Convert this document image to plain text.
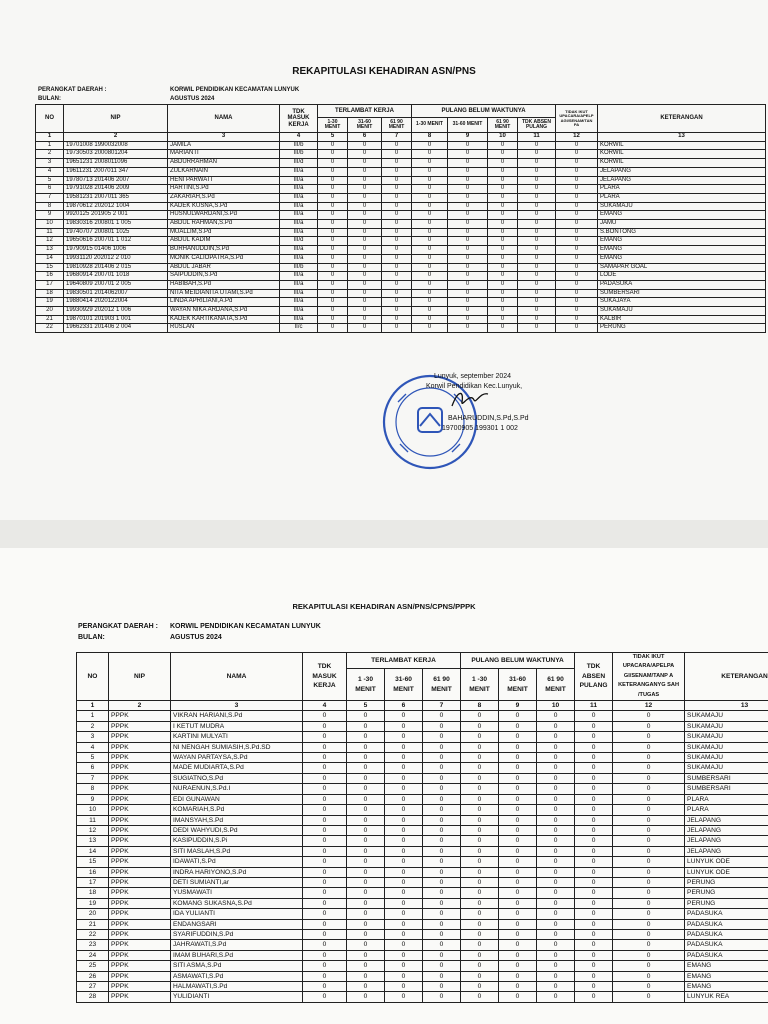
REKAPITULASI KEHADIRAN ASN/PNS
PERANGKAT DAERAH :	KORWIL PENDIDIKAN KECAMATAN LUNYUK
BULAN:	AGUSTUS 2024
NO	NIP	NAMA	TDK MASUK KERJA	TERLAMBAT KERJA			PULANG BELUM WAKTUNYA				TIDAK IKUT UPACARA/APELP AGI/SENAM/TAN PA	KETERANGAN
				1-30 MENIT	31-60 MENIT	61 90 MENIT	1-30 MENIT	31-60 MENIT	61 90 MENIT	TDK ABSEN PULANG		
1	2	3	4	5	6	7	8	9	10	11	12	13
1	19701008 1990032008	JAMILA	III/b	0	0	0	0	0	0	0	0	KORWIL
2	19730503 2000801204	MARIANTI	III/b	0	0	0	0	0	0	0	0	KORWIL
3	19651231 2008011096	ABDURRAHMAN	III/d	0	0	0	0	0	0	0	0	KORWIL
4	19611231 2007011 347	ZULKARNAIN	III/a	0	0	0	0	0	0	0	0	JELAPANG
5	19780713 201406 2007	HENI PARWATI	III/a	0	0	0	0	0	0	0	0	JELAPANG
6	19791028 201406 2009	HARTINI,S.Pd	III/a	0	0	0	0	0	0	0	0	PLARA
7	19581231 2007011 365	ZAKARIAH,S.Pd	III/a	0	0	0	0	0	0	0	0	PLARA
8	19870612 202012 1004	KADEK KUSNA,S.Pd	III/a	0	0	0	0	0	0	0	0	SUKAMAJU
9	9920125 201905 2 001	HUSNULWARDANI,S.Pd	III/a	0	0	0	0	0	0	0	0	EMANG
10	19830316 200801 1 005	ABDUL RAHMAN,S.Pd	III/a	0	0	0	0	0	0	0	0	JAMU
11	19740707 200801 1025	MUALLIM,S.Pd	III/a	0	0	0	0	0	0	0	0	S.BONTONG
12	19650616 200701 1 012	ABDUL KADIM	III/d	0	0	0	0	0	0	0	0	EMANG
13	19790915 01406 1006	BURHANUDDIN,S.Pd	III/a	0	0	0	0	0	0	0	0	EMANG
14	19931120 202012 2 010	MONIK CALIOPATRA,S.Pd	III/a	0	0	0	0	0	0	0	0	EMANG
15	19810928 201406 2 015	ABDUL JABAR	III/b	0	0	0	0	0	0	0	0	SAMAPAR GOAL
16	19680914 200701 1018	SAIPUDDIN,S.Pd	III/a	0	0	0	0	0	0	0	0	LODE
17	19640809 200701 2 005	HABIBAH,S.Pd	III/a	0	0	0	0	0	0	0	0	PADASUKA
18	19830501 2014062007	NITA MEIDIANITA UTAMI,S.Pd	III/a	0	0	0	0	0	0	0	0	SUMBERSARI
19	19880414 2020122004	LINDA APRILIANI,A.Pd	III/a	0	0	0	0	0	0	0	0	SUKAJAYA
20	19930929 202012 1 006	WAYAN NIKA ARDANA,S.Pd	III/a	0	0	0	0	0	0	0	0	SUKAMAJU
21	19870101 201903 1 001	KADEK KARTIKANATA,S.Pd	III/a	0	0	0	0	0	0	0	0	KALBIR
22	19662331 201406 2 004	RUSLAN	II/c	0	0	0	0	0	0	0	0	PERUNG
Lunyuk, september 2024
Korwil Pendidikan Kec.Lunyuk,
BAHARUDDIN,S.Pd,S.Pd
19700905 199301 1 002
REKAPITULASI KEHADIRAN ASN/PNS/CPNS/PPPK
PERANGKAT DAERAH : KORWIL PENDIDIKAN KECAMATAN LUNYUK
BULAN:	AGUSTUS 2024
NO	NIP	NAMA	TDK MASUK KERJA	TERLAMBAT KERJA			PULANG BELUM WAKTUNYA			TDK ABSEN PULANG	TIDAK IKUT UPACARA/APELPA GI/SENAM/TANP A KETERANGANYG SAH /TUGAS	KETERANGAN
				1 -30 MENIT	31-60 MENIT	61 90 MENIT	1 -30 MENIT	31-60 MENIT	61 90 MENIT			
1	2	3	4	5	6	7	8	9	10	11	12	13
1	PPPK	VIKRAN HARIANI,S.Pd	0	0	0	0	0	0	0	0	0	SUKAMAJU
2	PPPK	I KETUT MUDRA	0	0	0	0	0	0	0	0	0	SUKAMAJU
3	PPPK	KARTINI MULYATI	0	0	0	0	0	0	0	0	0	SUKAMAJU
4	PPPK	NI NENGAH SUMIASIH,S.Pd.SD	0	0	0	0	0	0	0	0	0	SUKAMAJU
5	PPPK	WAYAN PARTAYSA,S.Pd	0	0	0	0	0	0	0	0	0	SUKAMAJU
6	PPPK	MADE MUDIARTA,S.Pd	0	0	0	0	0	0	0	0	0	SUKAMAJU
7	PPPK	SUGIATNO,S.Pd	0	0	0	0	0	0	0	0	0	SUMBERSARI
8	PPPK	NURAENUN,S.Pd.I	0	0	0	0	0	0	0	0	0	SUMBERSARI
9	PPPK	EDI GUNAWAN	0	0	0	0	0	0	0	0	0	PLARA
10	PPPK	KOMARIAH,S.Pd	0	0	0	0	0	0	0	0	0	PLARA
11	PPPK	IMANSYAH,S.Pd	0	0	0	0	0	0	0	0	0	JELAPANG
12	PPPK	DEDI WAHYUDI,S.Pd	0	0	0	0	0	0	0	0	0	JELAPANG
13	PPPK	KASIPUDDIN,S.Pi	0	0	0	0	0	0	0	0	0	JELAPANG
14	PPPK	SITI MASLAH,S.Pd	0	0	0	0	0	0	0	0	0	JELAPANG
15	PPPK	IDAWATI,S.Pd	0	0	0	0	0	0	0	0	0	LUNYUK ODE
16	PPPK	INDRA HARIYONO,S.Pd	0	0	0	0	0	0	0	0	0	LUNYUK ODE
17	PPPK	DETI SUMIANTI,ar	0	0	0	0	0	0	0	0	0	PERUNG
18	PPPK	YUSMAWATI	0	0	0	0	0	0	0	0	0	PERUNG
19	PPPK	KOMANG SUKASNA,S.Pd	0	0	0	0	0	0	0	0	0	PERUNG
20	PPPK	IDA YULIANTI	0	0	0	0	0	0	0	0	0	PADASUKA
21	PPPK	ENDANGSARI	0	0	0	0	0	0	0	0	0	PADASUKA
22	PPPK	SYARIFUDDIN,S.Pd	0	0	0	0	0	0	0	0	0	PADASUKA
23	PPPK	JAHRAWATI,S.Pd	0	0	0	0	0	0	0	0	0	PADASUKA
24	PPPK	IMAM BUHARI,S.Pd	0	0	0	0	0	0	0	0	0	PADASUKA
25	PPPK	SITI ASMA,S.Pd	0	0	0	0	0	0	0	0	0	EMANG
26	PPPK	ASMAWATI,S.Pd	0	0	0	0	0	0	0	0	0	EMANG
27	PPPK	HALMAWATI,S.Pd	0	0	0	0	0	0	0	0	0	EMANG
28	PPPK	YULIDIANTI	0	0	0	0	0	0	0	0	0	LUNYUK REA
